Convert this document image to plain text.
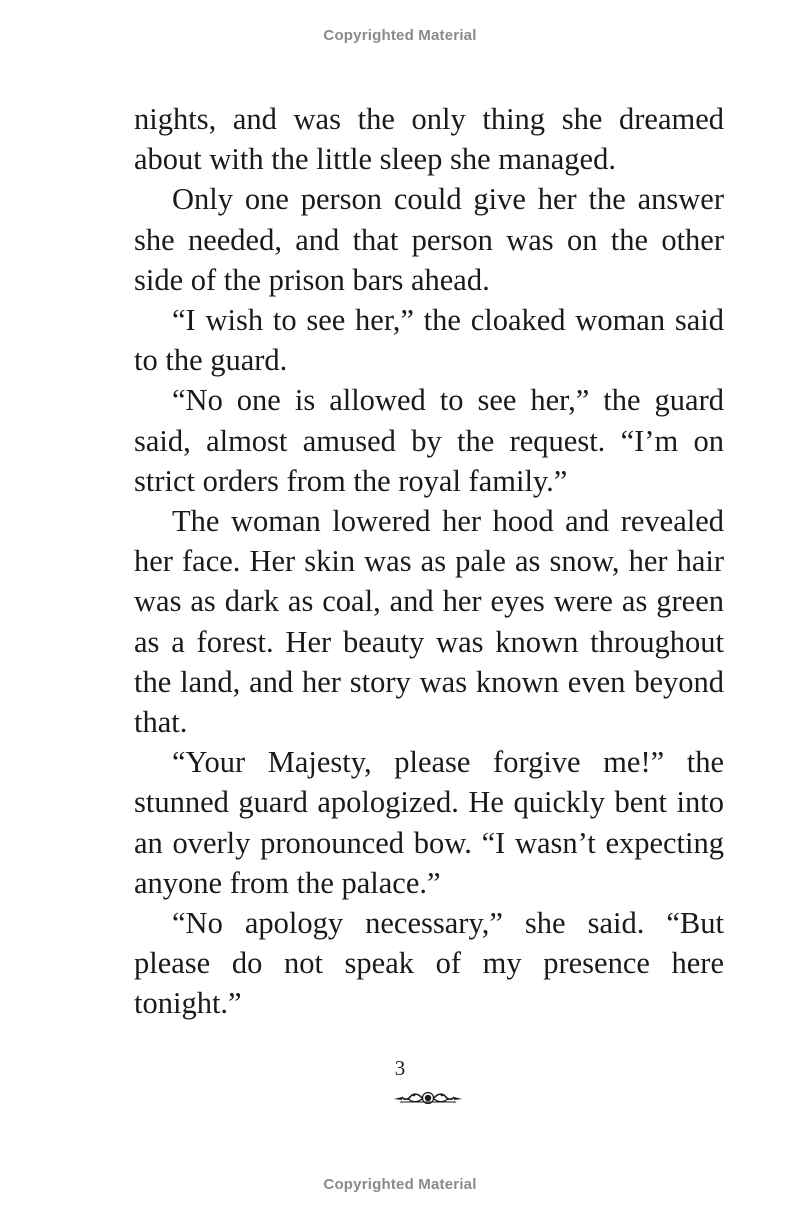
Copyrighted Material

nights, and was the only thing she dreamed about with the little sleep she managed.

Only one person could give her the answer she needed, and that person was on the other side of the prison bars ahead.

“I wish to see her,” the cloaked woman said to the guard.

“No one is allowed to see her,” the guard said, almost amused by the request. “I’m on strict orders from the royal family.”

The woman lowered her hood and revealed her face. Her skin was as pale as snow, her hair was as dark as coal, and her eyes were as green as a forest. Her beauty was known throughout the land, and her story was known even beyond that.

“Your Majesty, please forgive me!” the stunned guard apologized. He quickly bent into an overly pronounced bow. “I wasn’t expecting anyone from the palace.”

“No apology necessary,” she said. “But please do not speak of my presence here tonight.”

3
Copyrighted Material
